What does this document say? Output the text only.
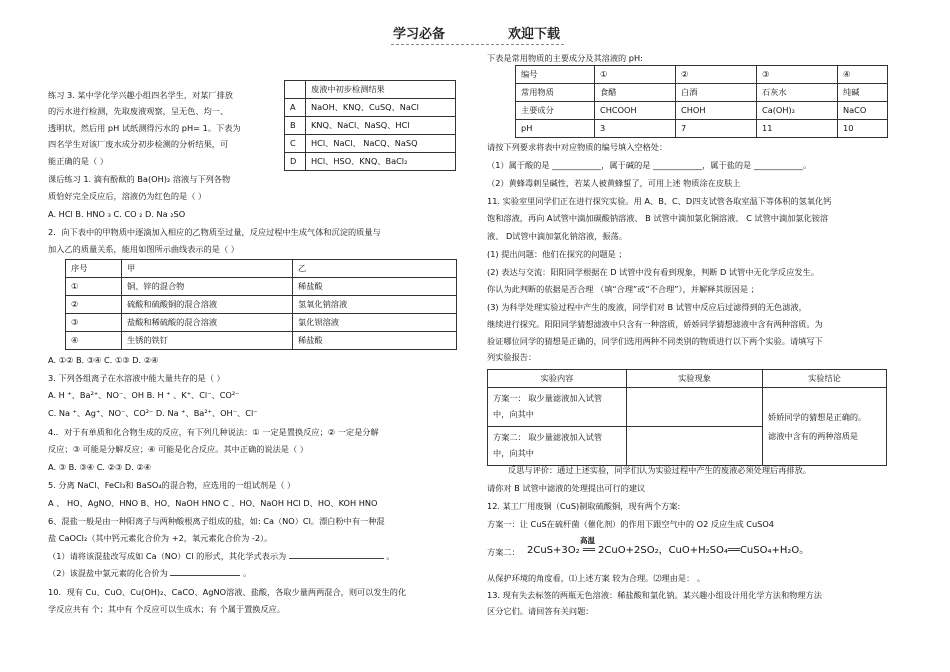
学习必备	欢迎下载
练习 3. 某中学化学兴趣小组四名学生，对某厂排放
的污水进行检测，先取废液观察，呈无色、均一、
透明状，然后用 pH 试纸测得污水的 pH= 1。下表为
四名学生对该厂废水成分初步检测的分析结果，可
能正确的是（ ）
	废液中初步检测结果
A	NaOH、KNQ、CuSQ、NaCl
B	KNQ、NaCl、NaSQ、HCl
C	HCl、NaCl、 NaCQ、NaSQ
D	HCl、HSO、KNQ、BaCl₂
课后练习 1. 滴有酚酞的 Ba(OH)₂ 溶液与下列各物
质恰好完全反应后，溶液仍为红色的是（ ）
A. HCl B. HNO ₃ C. CO ₂ D. Na ₂SO
2．向下表中的甲物质中逐滴加入相应的乙物质至过量，反应过程中生成气体和沉淀的质量与
加入乙的质量关系，能用如图所示曲线表示的是（ ）
序号	甲	乙
①	铜、锌的混合物	稀盐酸
②	硫酸和硫酸铜的混合溶液	氢氧化钠溶液
③	盐酸和稀硫酸的混合溶液	氯化钡溶液
④	生锈的铁钉	稀盐酸
A. ①② B. ③④ C. ①③ D. ②④
3. 下列各组离子在水溶液中能大量共存的是（ ）
A. H ⁺、Ba²⁺、NO⁻、OH B. H ⁺ 、K⁺、Cl⁻、CO²⁻
C. Na ⁺、Ag⁺、NO⁻、CO²⁻ D. Na ⁺、Ba²⁺、OH⁻、Cl⁻
4.．对于有单质和化合物生成的反应，有下列几种说法：① 一定是置换反应；② 一定是分解
反应；③ 可能是分解反应；④ 可能是化合反应。其中正确的说法是（ ）
A. ③ B. ③④ C. ②③ D. ②④
5. 分离 NaCl、FeCl₃和 BaSO₄的混合物，应选用的一组试剂是（ ）
A 、 HO、AgNO、HNO B、HO、NaOH HNO C 、HO、NaOH HCl D、HO、KOH HNO
6、混盐一般是由一种阳离子与两种酸根离子组成的盐，如: Ca（NO）Cl。漂白粉中有一种混
盐 CaOCl₂（其中钙元素化合价为 +2，氧元素化合价为 -2）。
（1）请将该混盐改写成如 Ca（NO）Cl 的形式，其化学式表示为	。
（2）该混盐中氯元素的化合价为	。
10．现有 Cu、CuO、Cu(OH)₂、CaCO、AgNO溶液、盐酸，各取少量两两混合，则可以发生的化
学反应共有 个；其中有 个反应可以生成水；有 个属于置换反应。
下表是常用物质的主要成分及其溶液的 pH:
编号	①	②	③	④
常用物质	食醋	白酒	石灰水	纯碱
主要成分	CHCOOH	CHOH	Ca(OH)₂	NaCO
pH	3	7	11	10
请按下列要求将表中对应物质的编号填入空格处：
（1）属于酸的是 ____________，属于碱的是 ____________，属于盐的是 ____________。
（2）黄蜂毒刺呈碱性，若某人被黄蜂蜇了，可用上述 物质涂在皮肤上
11. 实验室里同学们正在进行探究实验。用 A、B、C、D四支试管各取室温下等体积的氢氧化钙
饱和溶液，再向 A试管中滴加碳酸钠溶液、 B 试管中滴加氯化铜溶液、 C 试管中滴加氯化铵溶
液、 D试管中滴加氯化钠溶液，振荡。
(1) 提出问题：他们在探究的问题是 ；
(2) 表达与交流：阳阳同学根据在 D 试管中没有看到现象，判断 D 试管中无化学反应发生。
你认为此判断的依据是否合理 （填“合理”或“不合理”），并解释其原因是 ；
(3) 为科学处理实验过程中产生的废液，同学们对 B 试管中反应后过滤得到的无色滤液，
继续进行探究。阳阳同学猜想滤液中只含有一种溶质，娇娇同学猜想滤液中含有两种溶质。为
验证哪位同学的猜想是正确的，同学们选用两种不同类别的物质进行以下两个实验。请填写下
列实验报告：
实验内容	实验现象	实验结论
方案一： 取少量滤液加入试管
中，向其中		娇娇同学的猜想是正确的。
滤液中含有的两种溶质是
方案二： 取少量滤液加入试管
中，向其中		
反思与评价：通过上述实验，同学们认为实验过程中产生的废液必须处理后再排放。
请你对 B 试管中滤液的处理提出可行的建议
12. 某工厂用废铜（CuS)制取硫酸铜，现有两个方案:
方案一：让 CuS在硫杆菌（催化剂）的作用下跟空气中的 O2 反应生成 CuSO4
方案二：
高温
2CuS+3O₂ ══ 2CuO+2SO₂，CuO+H₂SO₄══CuSO₄+H₂O。
从保护环境的角度看，⑴上述方案 较为合理。⑵理由是： 。
13. 现有失去标签的两瓶无色溶液：稀盐酸和氯化钠。某兴趣小组设计用化学方法和物理方法
区分它们。请回答有关问题：
